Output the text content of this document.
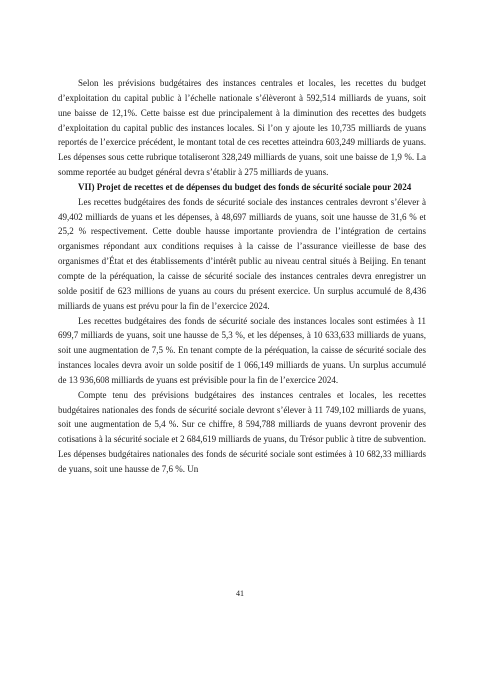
Selon les prévisions budgétaires des instances centrales et locales, les recettes du budget d’exploitation du capital public à l’échelle nationale s’élèveront à 592,514 milliards de yuans, soit une baisse de 12,1%. Cette baisse est due principalement à la diminution des recettes des budgets d’exploitation du capital public des instances locales. Si l’on y ajoute les 10,735 milliards de yuans reportés de l’exercice précédent, le montant total de ces recettes atteindra 603,249 milliards de yuans. Les dépenses sous cette rubrique totaliseront 328,249 milliards de yuans, soit une baisse de 1,9 %. La somme reportée au budget général devra s’établir à 275 milliards de yuans.

VII) Projet de recettes et de dépenses du budget des fonds de sécurité sociale pour 2024

Les recettes budgétaires des fonds de sécurité sociale des instances centrales devront s’élever à 49,402 milliards de yuans et les dépenses, à 48,697 milliards de yuans, soit une hausse de 31,6 % et 25,2 % respectivement. Cette double hausse importante proviendra de l’intégration de certains organismes répondant aux conditions requises à la caisse de l’assurance vieillesse de base des organismes d’État et des établissements d’intérêt public au niveau central situés à Beijing. En tenant compte de la péréquation, la caisse de sécurité sociale des instances centrales devra enregistrer un solde positif de 623 millions de yuans au cours du présent exercice. Un surplus accumulé de 8,436 milliards de yuans est prévu pour la fin de l’exercice 2024.

Les recettes budgétaires des fonds de sécurité sociale des instances locales sont estimées à 11 699,7 milliards de yuans, soit une hausse de 5,3 %, et les dépenses, à 10 633,633 milliards de yuans, soit une augmentation de 7,5 %. En tenant compte de la péréquation, la caisse de sécurité sociale des instances locales devra avoir un solde positif de 1 066,149 milliards de yuans. Un surplus accumulé de 13 936,608 milliards de yuans est prévisible pour la fin de l’exercice 2024.

Compte tenu des prévisions budgétaires des instances centrales et locales, les recettes budgétaires nationales des fonds de sécurité sociale devront s’élever à 11 749,102 milliards de yuans, soit une augmentation de 5,4 %. Sur ce chiffre, 8 594,788 milliards de yuans devront provenir des cotisations à la sécurité sociale et 2 684,619 milliards de yuans, du Trésor public à titre de subvention. Les dépenses budgétaires nationales des fonds de sécurité sociale sont estimées à 10 682,33 milliards de yuans, soit une hausse de 7,6 %. Un

41
